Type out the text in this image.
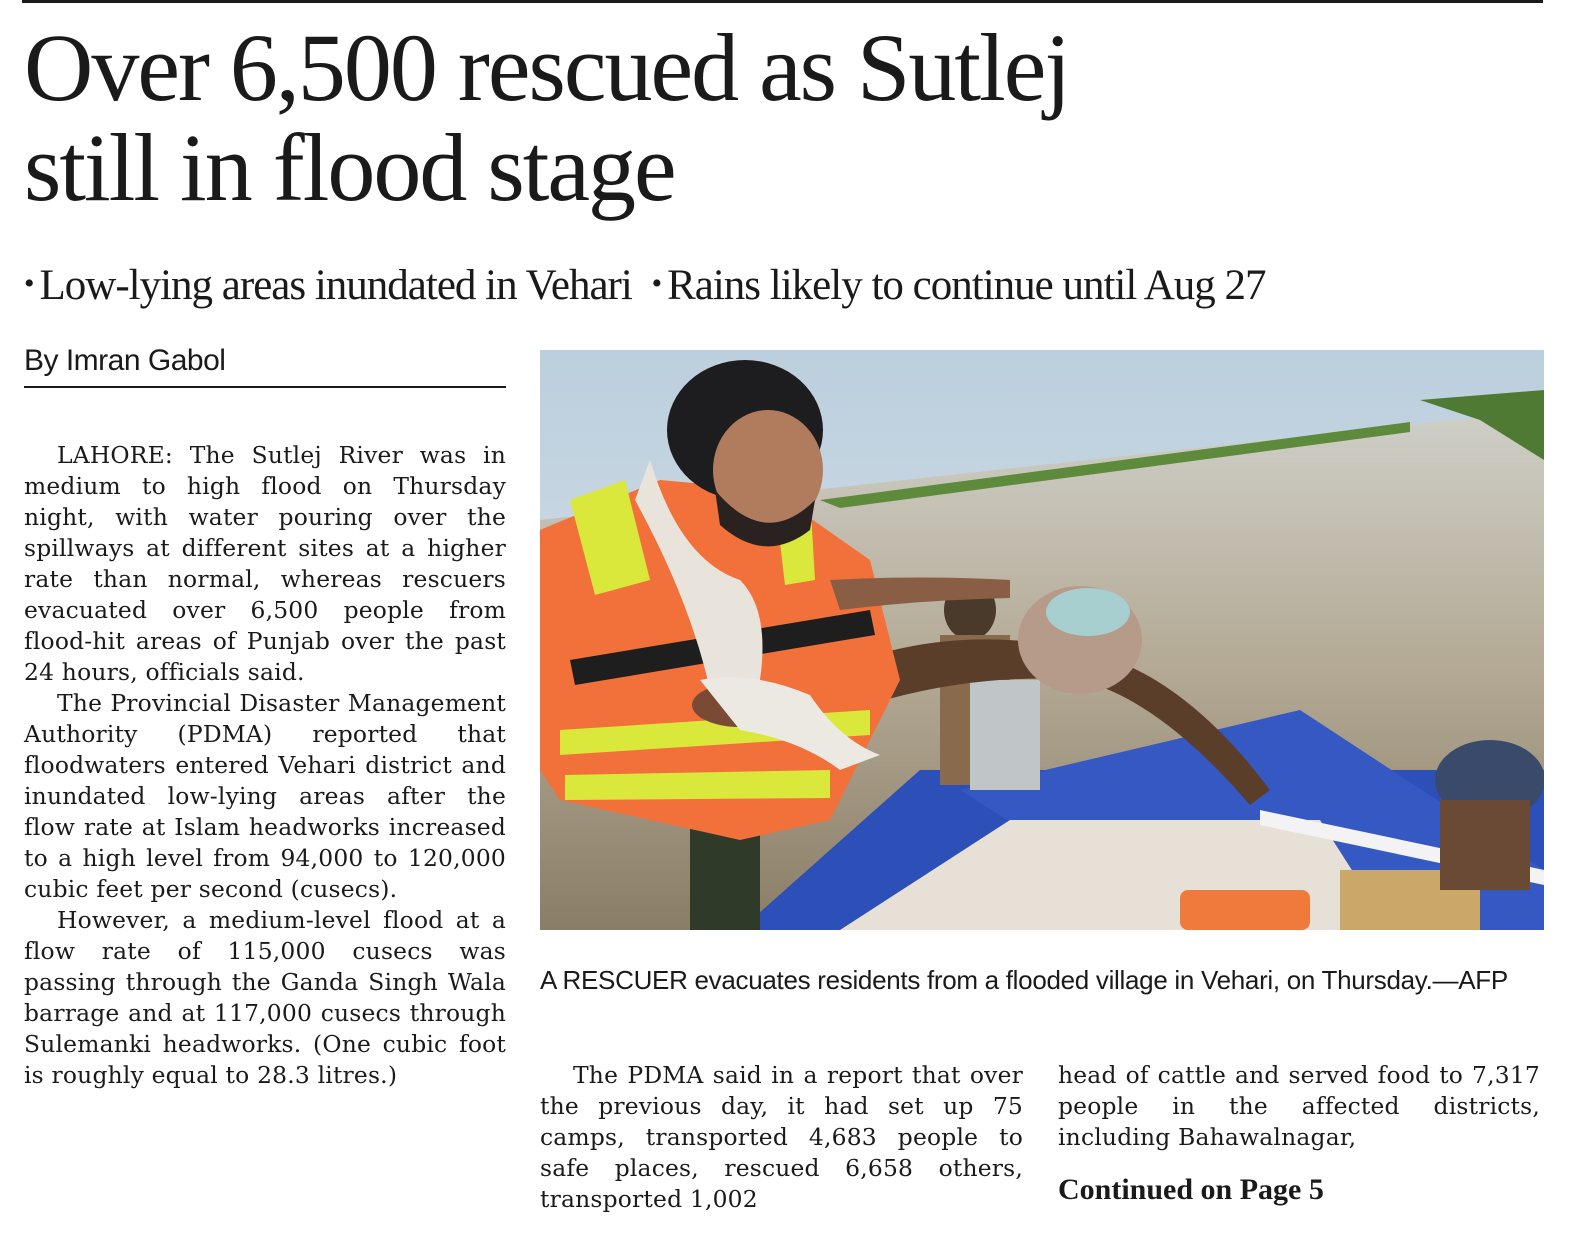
Over 6,500 rescued as Sutlej
still in flood stage
• Low-lying areas inundated in Vehari • Rains likely to continue until Aug 27
By Imran Gabol

LAHORE: The Sutlej River was in medium to high flood on Thursday night, with water pouring over the spillways at different sites at a higher rate than normal, whereas rescuers evacuated over 6,500 people from flood-hit areas of Punjab over the past 24 hours, officials said.

The Provincial Disaster Management Authority (PDMA) reported that floodwaters entered Vehari district and inundated low-lying areas after the flow rate at Islam headworks increased to a high level from 94,000 to 120,000 cubic feet per second (cusecs).

However, a medium-level flood at a flow rate of 115,000 cusecs was passing through the Ganda Singh Wala barrage and at 117,000 cusecs through Sulemanki headworks. (One cubic foot is roughly equal to 28.3 litres.)

A RESCUER evacuates residents from a flooded village in Vehari, on Thursday.—AFP

The PDMA said in a report that over the previous day, it had set up 75 camps, transported 4,683 people to safe places, rescued 6,658 others, transported 1,002

head of cattle and served food to 7,317 people in the affected districts, including Bahawalnagar,

Continued on Page 5
